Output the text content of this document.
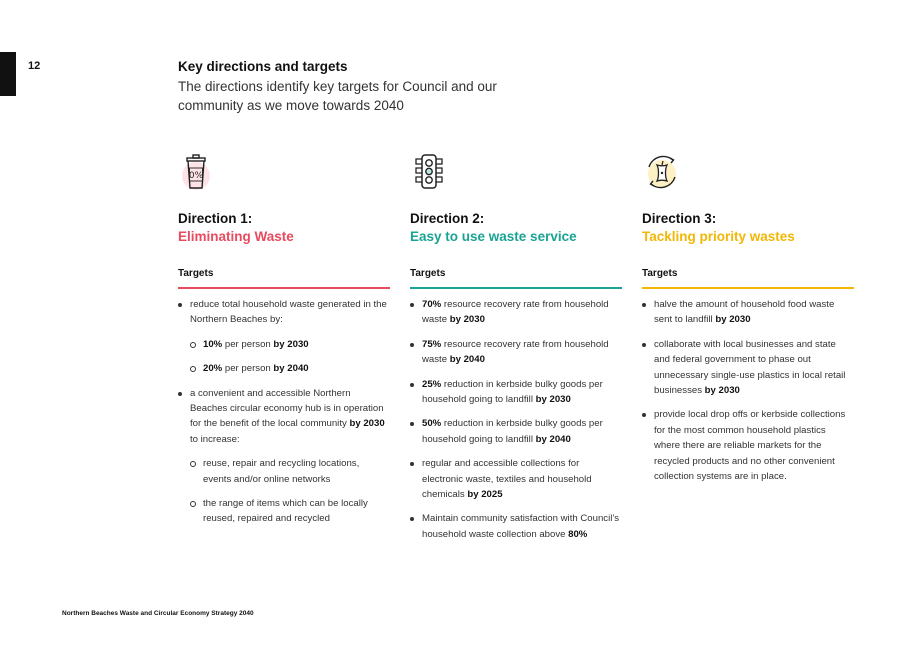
12	Key directions and targets
The directions identify key targets for Council and our community as we move towards 2040
0%
Direction 1:
Eliminating Waste
Targets
reduce total household waste generated in the Northern Beaches by:
10% per person by 2030
20% per person by 2040
a convenient and accessible Northern Beaches circular economy hub is in operation for the benefit of the local community by 2030 to increase:
reuse, repair and recycling locations, events and/or online networks
the range of items which can be locally reused, repaired and recycled
Direction 2:
Easy to use waste service
Targets
70% resource recovery rate from household waste by 2030
75% resource recovery rate from household waste by 2040
25% reduction in kerbside bulky goods per household going to landfill by 2030
50% reduction in kerbside bulky goods per household going to landfill by 2040
regular and accessible collections for electronic waste, textiles and household chemicals by 2025
Maintain community satisfaction with Council’s household waste collection above 80%
Direction 3:
Tackling priority wastes
Targets
halve the amount of household food waste sent to landfill by 2030
collaborate with local businesses and state and federal government to phase out unnecessary single-use plastics in local retail businesses by 2030
provide local drop offs or kerbside collections for the most common household plastics where there are reliable markets for the recycled products and no other convenient collection systems are in place.
Northern Beaches Waste and Circular Economy Strategy 2040
